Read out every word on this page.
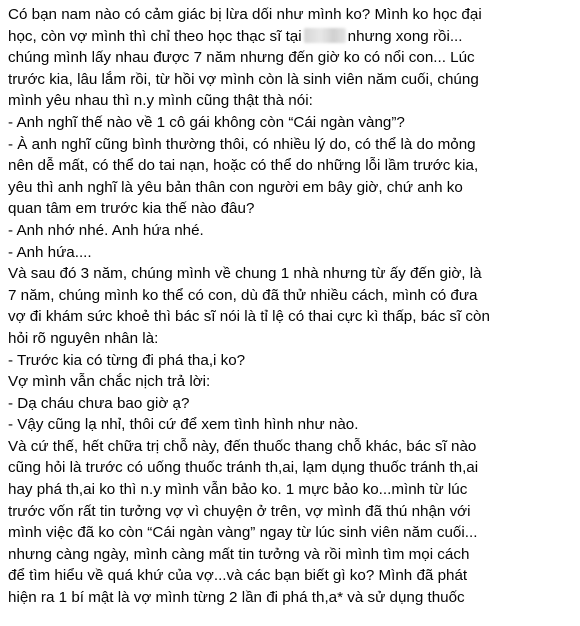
Có bạn nam nào có cảm giác bị lừa dối như mình ko? Mình ko học đại

học, còn vợ mình thì chỉ theo học thạc sĩ tại	nhưng xong rồi...

chúng mình lấy nhau được 7 năm nhưng đến giờ ko có nổi con... Lúc

trước kia, lâu lắm rồi, từ hồi vợ mình còn là sinh viên năm cuối, chúng

mình yêu nhau thì n.y mình cũng thật thà nói:

- Anh nghĩ thế nào về 1 cô gái không còn “Cái ngàn vàng”?

- À anh nghĩ cũng bình thường thôi, có nhiều lý do, có thể là do mỏng

nên dễ mất, có thể do tai nạn, hoặc có thể do những lỗi lầm trước kia,

yêu thì anh nghĩ là yêu bản thân con người em bây giờ, chứ anh ko

quan tâm em trước kia thế nào đâu?

- Anh nhớ nhé. Anh hứa nhé.

- Anh hứa....

Và sau đó 3 năm, chúng mình về chung 1 nhà nhưng từ ấy đến giờ, là

7 năm, chúng mình ko thể có con, dù đã thử nhiều cách, mình có đưa

vợ đi khám sức khoẻ thì bác sĩ nói là tỉ lệ có thai cực kì thấp, bác sĩ còn

hỏi rõ nguyên nhân là:

- Trước kia có từng đi phá tha,i ko?

Vợ mình vẫn chắc nịch trả lời:

- Dạ cháu chưa bao giờ ạ?

- Vậy cũng lạ nhỉ, thôi cứ để xem tình hình như nào.

Và cứ thế, hết chữa trị chỗ này, đến thuốc thang chỗ khác, bác sĩ nào

cũng hỏi là trước có uống thuốc tránh th,ai, lạm dụng thuốc tránh th,ai

hay phá th,ai ko thì n.y mình vẫn bảo ko. 1 mực bảo ko...mình từ lúc

trước vốn rất tin tưởng vợ vì chuyện ở trên, vợ mình đã thú nhận với

mình việc đã ko còn “Cái ngàn vàng” ngay từ lúc sinh viên năm cuối...

nhưng càng ngày, mình càng mất tin tưởng và rồi mình tìm mọi cách

để tìm hiểu về quá khứ của vợ...và các bạn biết gì ko? Mình đã phát

hiện ra 1 bí mật là vợ mình từng 2 lần đi phá th,a* và sử dụng thuốc
